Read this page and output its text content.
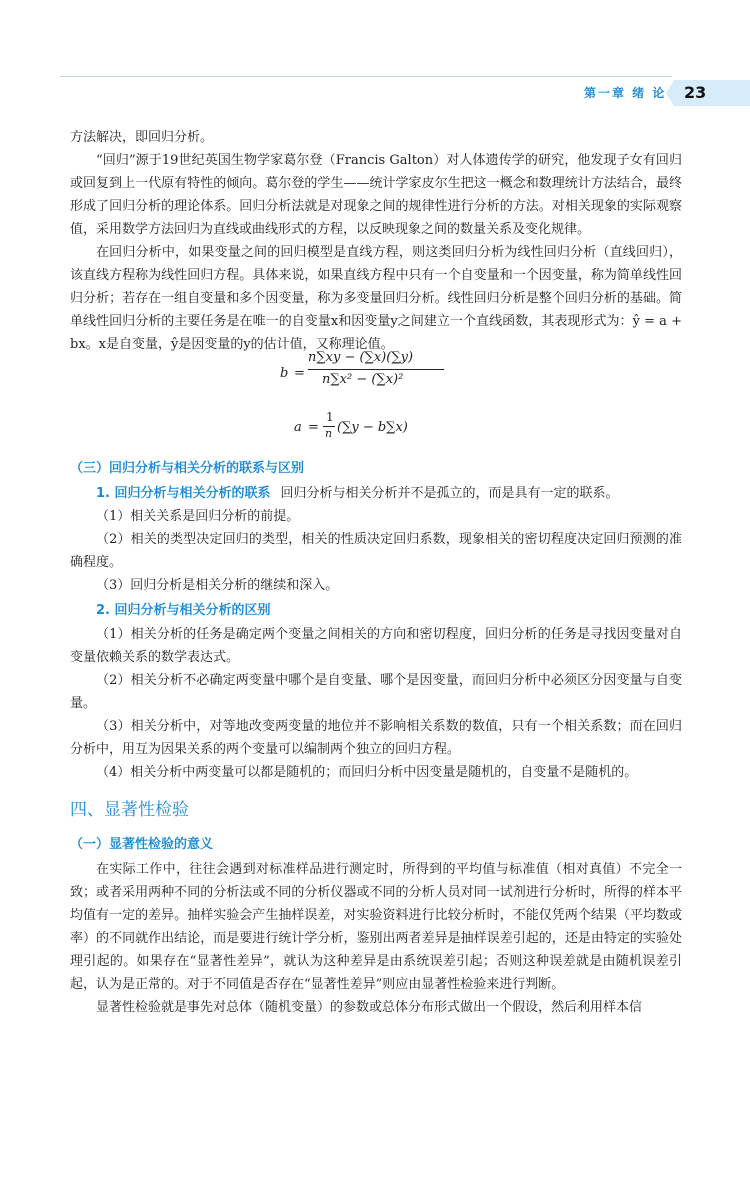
第一章 绪 论 23

方法解决，即回归分析。

“回归”源于19世纪英国生物学家葛尔登（Francis Galton）对人体遗传学的研究，他发现子女有回归或回复到上一代原有特性的倾向。葛尔登的学生——统计学家皮尔生把这一概念和数理统计方法结合，最终形成了回归分析的理论体系。回归分析法就是对现象之间的规律性进行分析的方法。对相关现象的实际观察值，采用数学方法回归为直线或曲线形式的方程，以反映现象之间的数量关系及变化规律。

在回归分析中，如果变量之间的回归模型是直线方程，则这类回归分析为线性回归分析（直线回归），该直线方程称为线性回归方程。具体来说，如果直线方程中只有一个自变量和一个因变量，称为简单线性回归分析；若存在一组自变量和多个因变量，称为多变量回归分析。线性回归分析是整个回归分析的基础。简单线性回归分析的主要任务是在唯一的自变量x和因变量y之间建立一个直线函数，其表现形式为：ŷ = a + bx。x是自变量，ŷ是因变量的y的估计值，又称理论值。

b =
n∑xy − (∑x)(∑y)
n∑x² − (∑x)²
a =
1
n (∑y − b∑x)
（三）回归分析与相关分析的联系与区别

1. 回归分析与相关分析的联系 回归分析与相关分析并不是孤立的，而是具有一定的联系。

（1）相关关系是回归分析的前提。

（2）相关的类型决定回归的类型，相关的性质决定回归系数，现象相关的密切程度决定回归预测的准确程度。

（3）回归分析是相关分析的继续和深入。

2. 回归分析与相关分析的区别

（1）相关分析的任务是确定两个变量之间相关的方向和密切程度，回归分析的任务是寻找因变量对自变量依赖关系的数学表达式。

（2）相关分析不必确定两变量中哪个是自变量、哪个是因变量，而回归分析中必须区分因变量与自变量。

（3）相关分析中，对等地改变两变量的地位并不影响相关系数的数值，只有一个相关系数；而在回归分析中，用互为因果关系的两个变量可以编制两个独立的回归方程。

（4）相关分析中两变量可以都是随机的；而回归分析中因变量是随机的，自变量不是随机的。

四、显著性检验
（一）显著性检验的意义

在实际工作中，往往会遇到对标准样品进行测定时，所得到的平均值与标准值（相对真值）不完全一致；或者采用两种不同的分析法或不同的分析仪器或不同的分析人员对同一试剂进行分析时，所得的样本平均值有一定的差异。抽样实验会产生抽样误差，对实验资料进行比较分析时，不能仅凭两个结果（平均数或率）的不同就作出结论，而是要进行统计学分析，鉴别出两者差异是抽样误差引起的，还是由特定的实验处理引起的。如果存在“显著性差异”，就认为这种差异是由系统误差引起；否则这种误差就是由随机误差引起，认为是正常的。对于不同值是否存在“显著性差异”则应由显著性检验来进行判断。

显著性检验就是事先对总体（随机变量）的参数或总体分布形式做出一个假设，然后利用样本信
